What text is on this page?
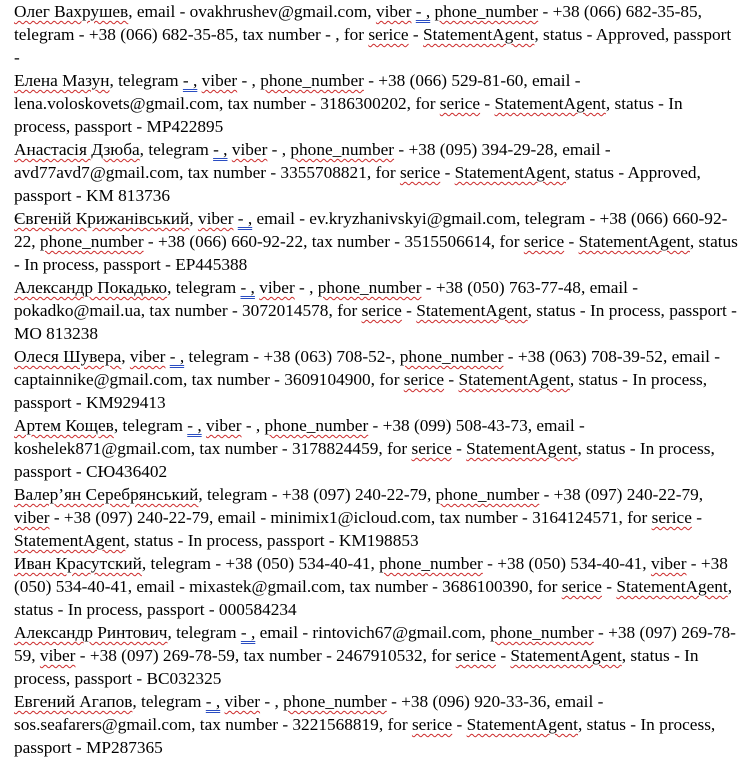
Олег Вахрушев, email - ovakhrushev@gmail.com, viber - , phone_number - +38 (066) 682-35-85, telegram - +38 (066) 682-35-85, tax number - , for serice - StatementAgent, status - Approved, passport -

Елена Мазун, telegram - , viber - , phone_number - +38 (066) 529-81-60, email - lena.voloskovets@gmail.com, tax number - 3186300202, for serice - StatementAgent, status - In process, passport - MP422895

Анастасія Дзюба, telegram - , viber - , phone_number - +38 (095) 394-29-28, email - avd77avd7@gmail.com, tax number - 3355708821, for serice - StatementAgent, status - Approved, passport - KM 813736

Євгеній Крижанівський, viber - , email - ev.kryzhanivskyi@gmail.com, telegram - +38 (066) 660-92-22, phone_number - +38 (066) 660-92-22, tax number - 3515506614, for serice - StatementAgent, status - In process, passport - EP445388

Александр Покадько, telegram - , viber - , phone_number - +38 (050) 763-77-48, email - pokadko@mail.ua, tax number - 3072014578, for serice - StatementAgent, status - In process, passport - MO 813238

Олеся Шувера, viber - , telegram - +38 (063) 708-52-, phone_number - +38 (063) 708-39-52, email - captainnike@gmail.com, tax number - 3609104900, for serice - StatementAgent, status - In process, passport - KM929413

Артем Кощев, telegram - , viber - , phone_number - +38 (099) 508-43-73, email - koshelek871@gmail.com, tax number - 3178824459, for serice - StatementAgent, status - In process, passport - СЮ436402

Валер’ян Серебрянський, telegram - +38 (097) 240-22-79, phone_number - +38 (097) 240-22-79, viber - +38 (097) 240-22-79, email - minimix1@icloud.com, tax number - 3164124571, for serice - StatementAgent, status - In process, passport - KM198853

Иван Красутский, telegram - +38 (050) 534-40-41, phone_number - +38 (050) 534-40-41, viber - +38 (050) 534-40-41, email - mixastek@gmail.com, tax number - 3686100390, for serice - StatementAgent, status - In process, passport - 000584234

Александр Ринтович, telegram - , email - rintovich67@gmail.com, phone_number - +38 (097) 269-78-59, viber - +38 (097) 269-78-59, tax number - 2467910532, for serice - StatementAgent, status - In process, passport - BC032325

Евгений Агапов, telegram - , viber - , phone_number - +38 (096) 920-33-36, email - sos.seafarers@gmail.com, tax number - 3221568819, for serice - StatementAgent, status - In process, passport - MP287365
